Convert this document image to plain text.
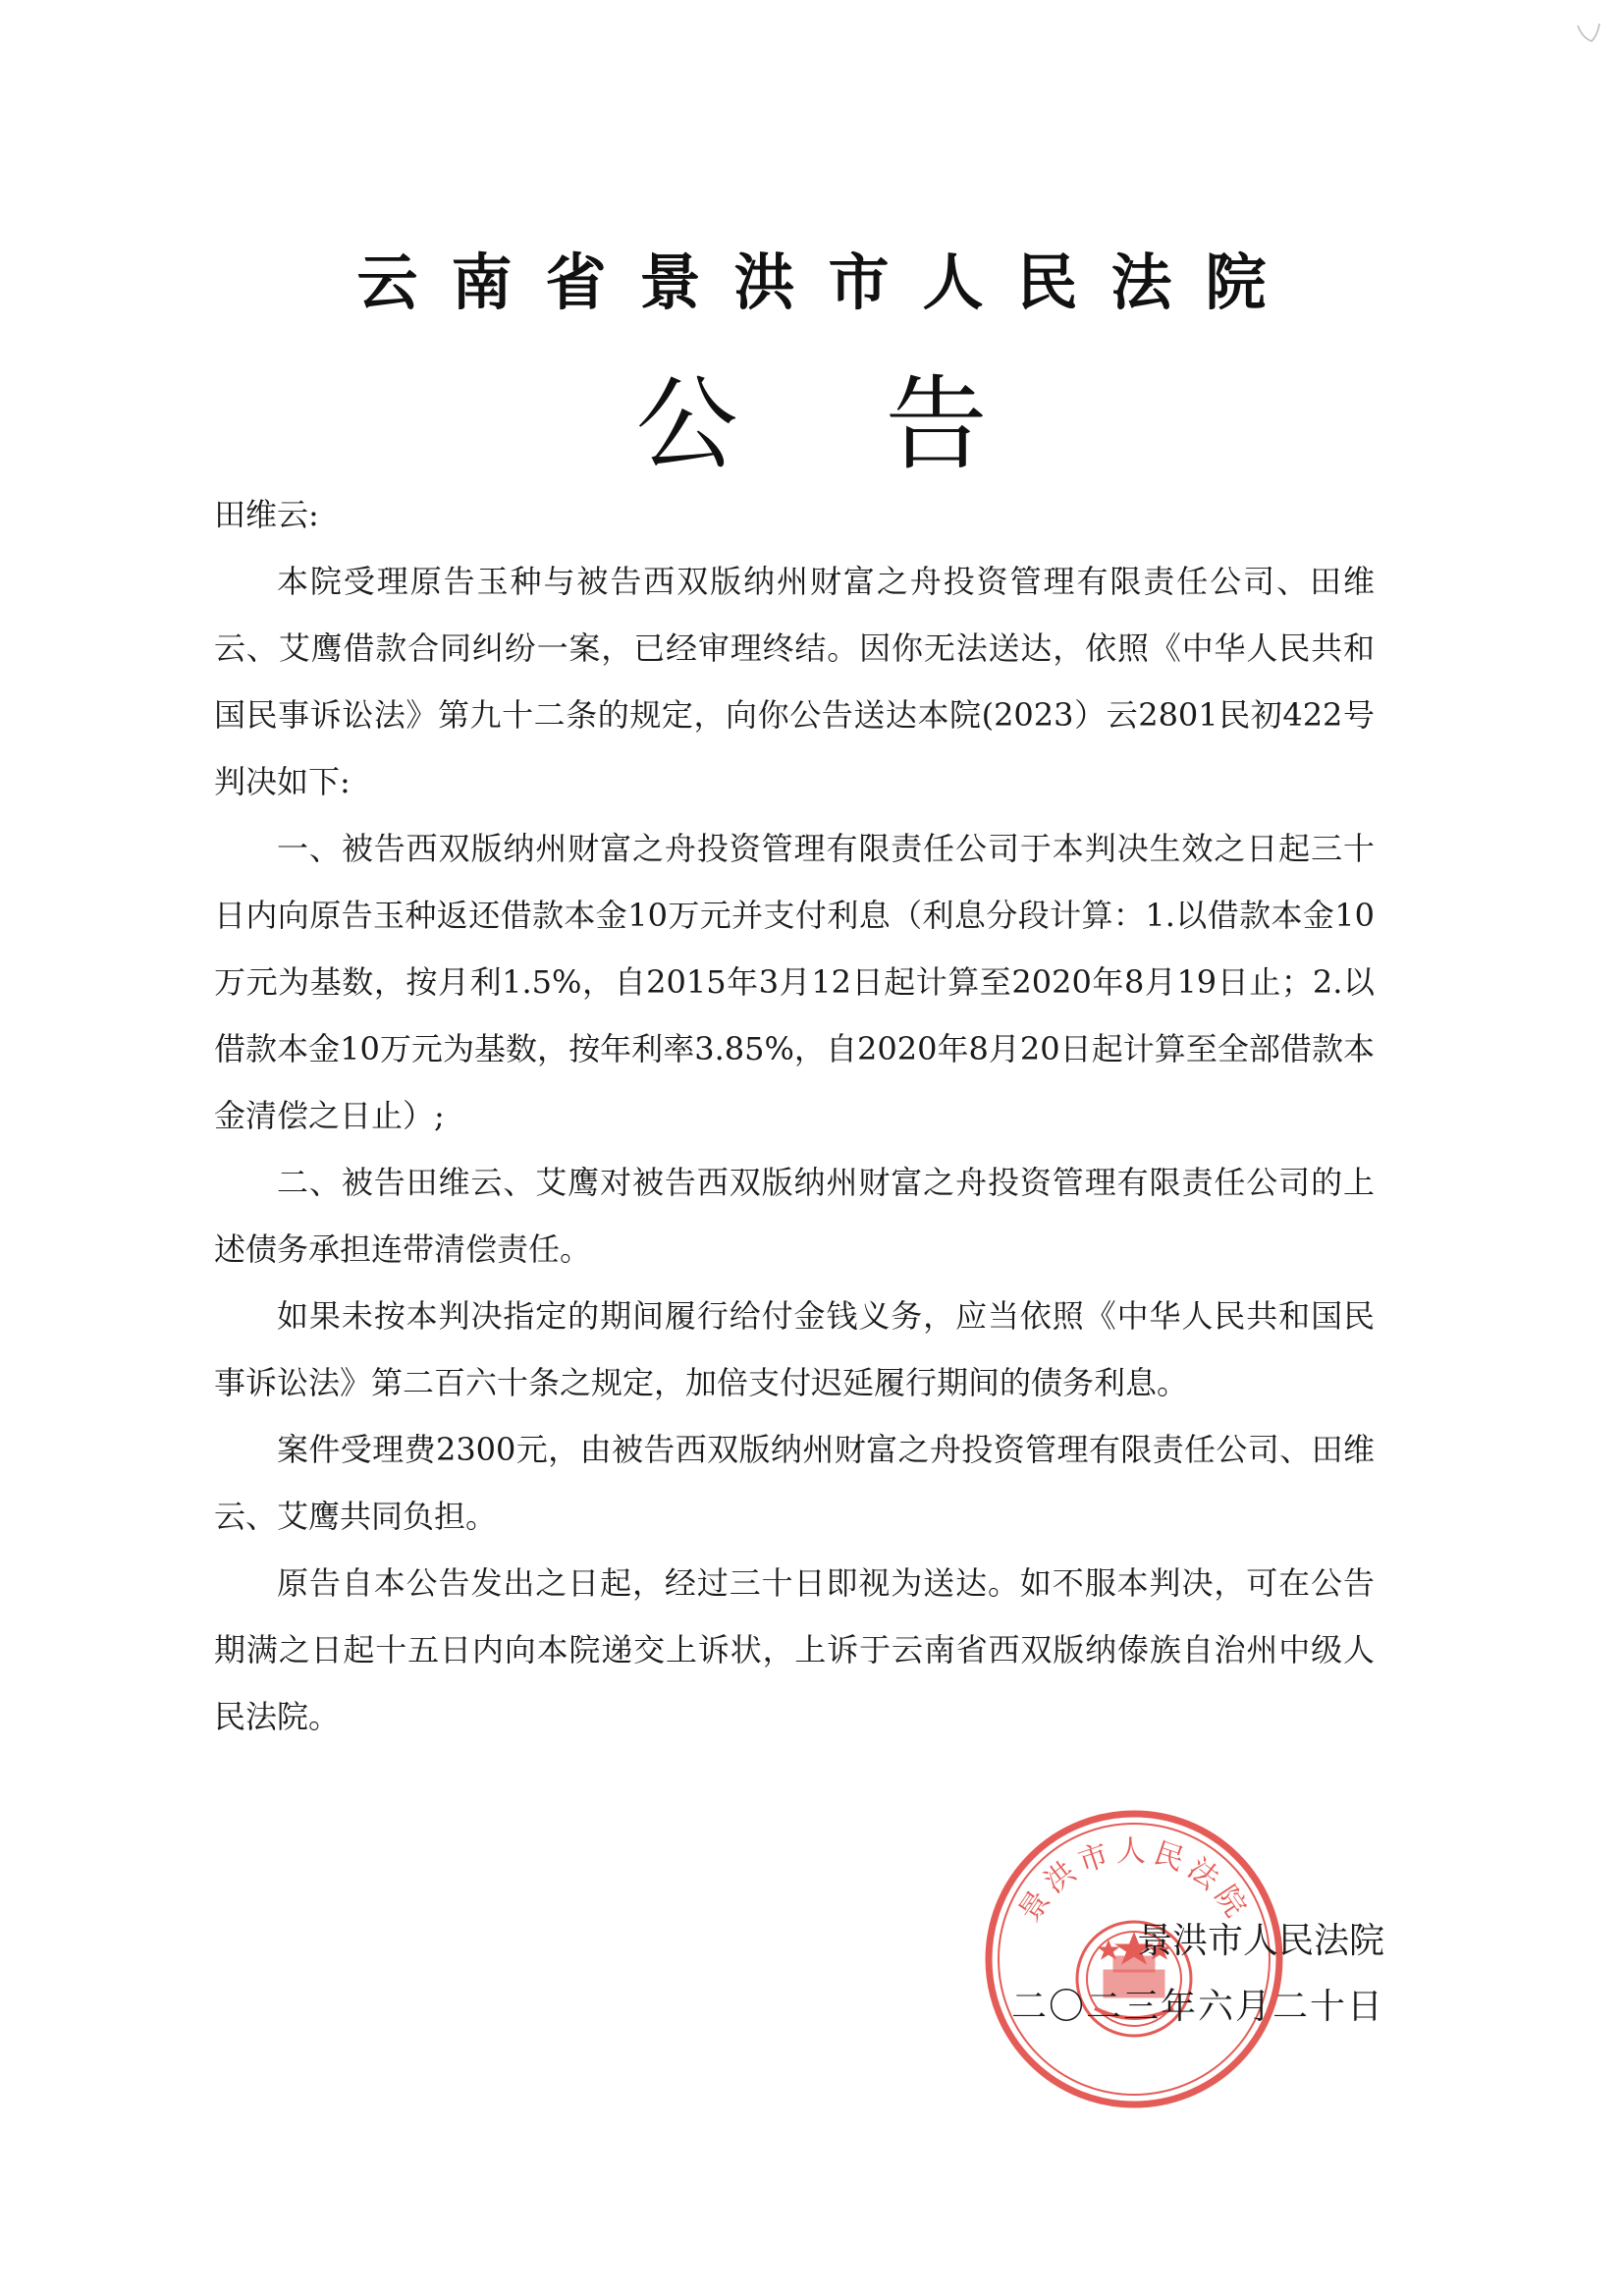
云南省景洪市人民法院
公告

田维云:

本院受理原告玉种与被告西双版纳州财富之舟投资管理有限责任公司、田维云、艾鹰借款合同纠纷一案，已经审理终结。因你无法送达，依照《中华人民共和国民事诉讼法》第九十二条的规定，向你公告送达本院(2023）云2801民初422号判决如下:

一、被告西双版纳州财富之舟投资管理有限责任公司于本判决生效之日起三十日内向原告玉种返还借款本金10万元并支付利息（利息分段计算：1.以借款本金10万元为基数，按月利1.5%，自2015年3月12日起计算至2020年8月19日止；2.以借款本金10万元为基数，按年利率3.85%，自2020年8月20日起计算至全部借款本金清偿之日止）;

二、被告田维云、艾鹰对被告西双版纳州财富之舟投资管理有限责任公司的上述债务承担连带清偿责任。

如果未按本判决指定的期间履行给付金钱义务，应当依照《中华人民共和国民事诉讼法》第二百六十条之规定，加倍支付迟延履行期间的债务利息。

案件受理费2300元，由被告西双版纳州财富之舟投资管理有限责任公司、田维云、艾鹰共同负担。

原告自本公告发出之日起，经过三十日即视为送达。如不服本判决，可在公告期满之日起十五日内向本院递交上诉状，上诉于云南省西双版纳傣族自治州中级人民法院。

景洪市人民法院
景洪市人民法院
二〇二三年六月二十日
